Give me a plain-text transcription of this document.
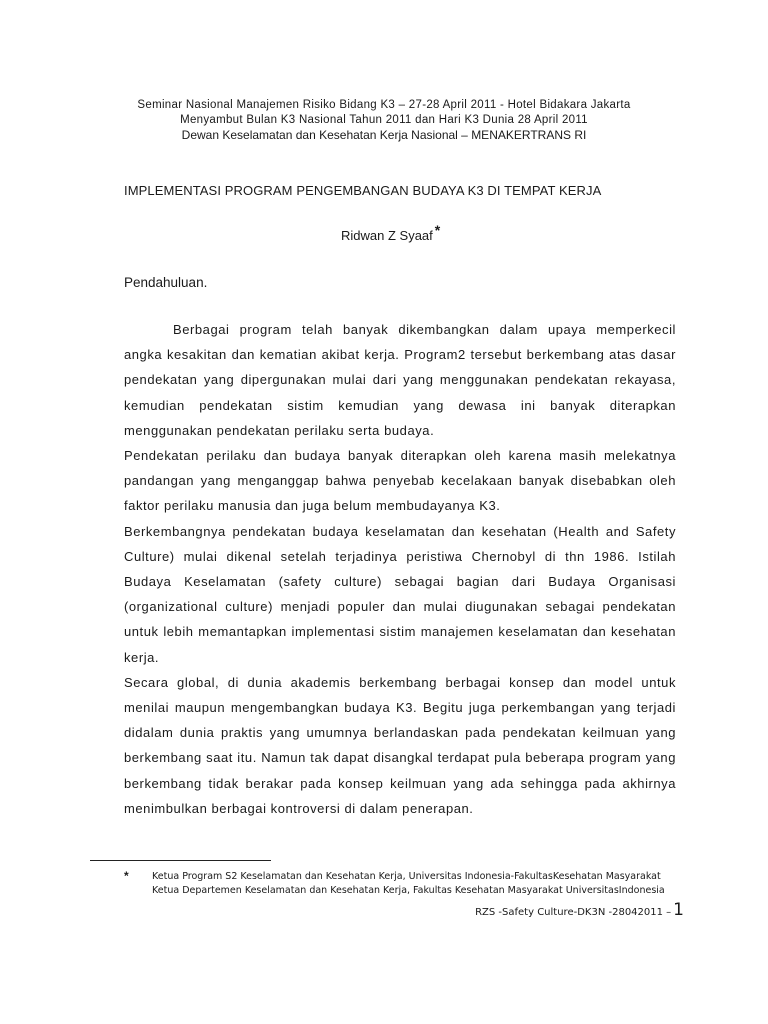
Seminar Nasional Manajemen Risiko Bidang K3 – 27-28 April 2011 - Hotel Bidakara Jakarta
Menyambut Bulan K3 Nasional Tahun 2011 dan Hari K3 Dunia 28 April 2011
Dewan Keselamatan dan Kesehatan Kerja Nasional – MENAKERTRANS RI
IMPLEMENTASI PROGRAM PENGEMBANGAN BUDAYA K3 DI TEMPAT KERJA
Ridwan Z Syaaf *
Pendahuluan.

Berbagai program telah banyak dikembangkan dalam upaya memperkecil angka kesakitan dan kematian akibat kerja. Program2 tersebut berkembang atas dasar pendekatan yang dipergunakan mulai dari yang menggunakan pendekatan rekayasa, kemudian pendekatan sistim kemudian yang dewasa ini banyak diterapkan menggunakan pendekatan perilaku serta budaya.

Pendekatan perilaku dan budaya banyak diterapkan oleh karena masih melekatnya pandangan yang menganggap bahwa penyebab kecelakaan banyak disebabkan oleh faktor perilaku manusia dan juga belum membudayanya K3.

Berkembangnya pendekatan budaya keselamatan dan kesehatan (Health and Safety Culture) mulai dikenal setelah terjadinya peristiwa Chernobyl di thn 1986. Istilah Budaya Keselamatan (safety culture) sebagai bagian dari Budaya Organisasi (organizational culture) menjadi populer dan mulai diugunakan sebagai pendekatan untuk lebih memantapkan implementasi sistim manajemen keselamatan dan kesehatan kerja.

Secara global, di dunia akademis berkembang berbagai konsep dan model untuk menilai maupun mengembangkan budaya K3. Begitu juga perkembangan yang terjadi didalam dunia praktis yang umumnya berlandaskan pada pendekatan keilmuan yang berkembang saat itu. Namun tak dapat disangkal terdapat pula beberapa program yang berkembang tidak berakar pada konsep keilmuan yang ada sehingga pada akhirnya menimbulkan berbagai kontroversi di dalam penerapan.

* Ketua Program S2 Keselamatan dan Kesehatan Kerja, Universitas Indonesia-FakultasKesehatan Masyarakat
Ketua Departemen Keselamatan dan Kesehatan Kerja, Fakultas Kesehatan Masyarakat UniversitasIndonesia
RZS -Safety Culture-DK3N -28042011 – 1
